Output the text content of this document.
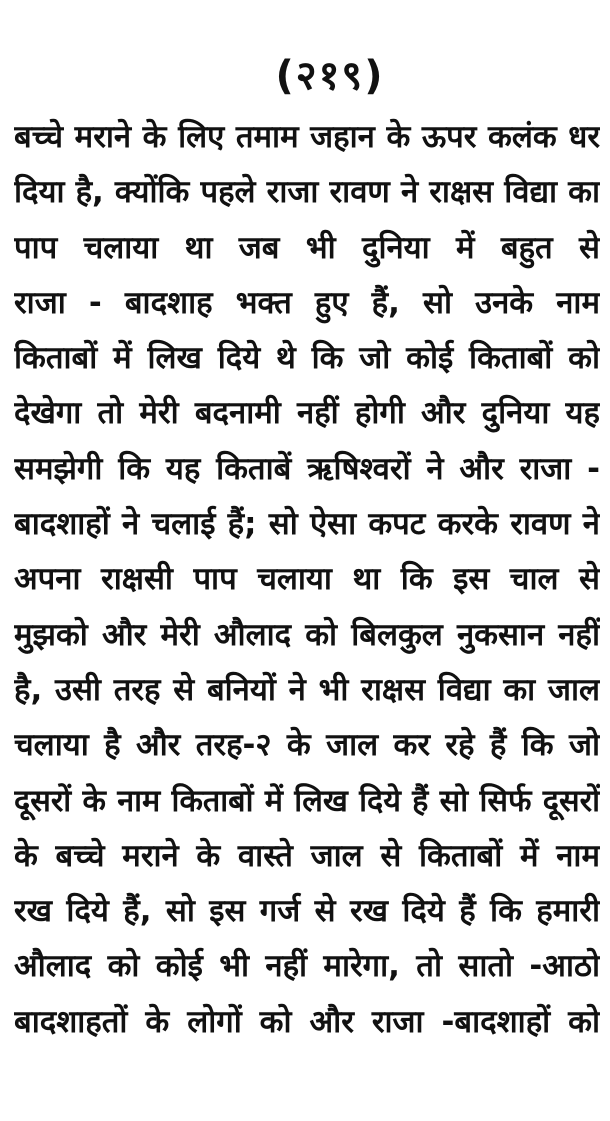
(२१९)
बच्चे मराने के लिए तमाम जहान के ऊपर कलंक धर
दिया है, क्योंकि पहले राजा रावण ने राक्षस विद्या का
पाप चलाया था जब भी दुनिया में बहुत से
राजा - बादशाह भक्त हुए हैं, सो उनके नाम
किताबों में लिख दिये थे कि जो कोई किताबों को
देखेगा तो मेरी बदनामी नहीं होगी और दुनिया यह
समझेगी कि यह किताबें ऋषिश्वरों ने और राजा -
बादशाहों ने चलाई हैं; सो ऐसा कपट करके रावण ने
अपना राक्षसी पाप चलाया था कि इस चाल से
मुझको और मेरी औलाद को बिलकुल नुकसान नहीं
है, उसी तरह से बनियों ने भी राक्षस विद्या का जाल
चलाया है और तरह-२ के जाल कर रहे हैं कि जो
दूसरों के नाम किताबों में लिख दिये हैं सो सिर्फ दूसरों
के बच्चे मराने के वास्ते जाल से किताबों में नाम
रख दिये हैं, सो इस गर्ज से रख दिये हैं कि हमारी
औलाद को कोई भी नहीं मारेगा, तो सातो -आठो
बादशाहतों के लोगों को और राजा -बादशाहों को
